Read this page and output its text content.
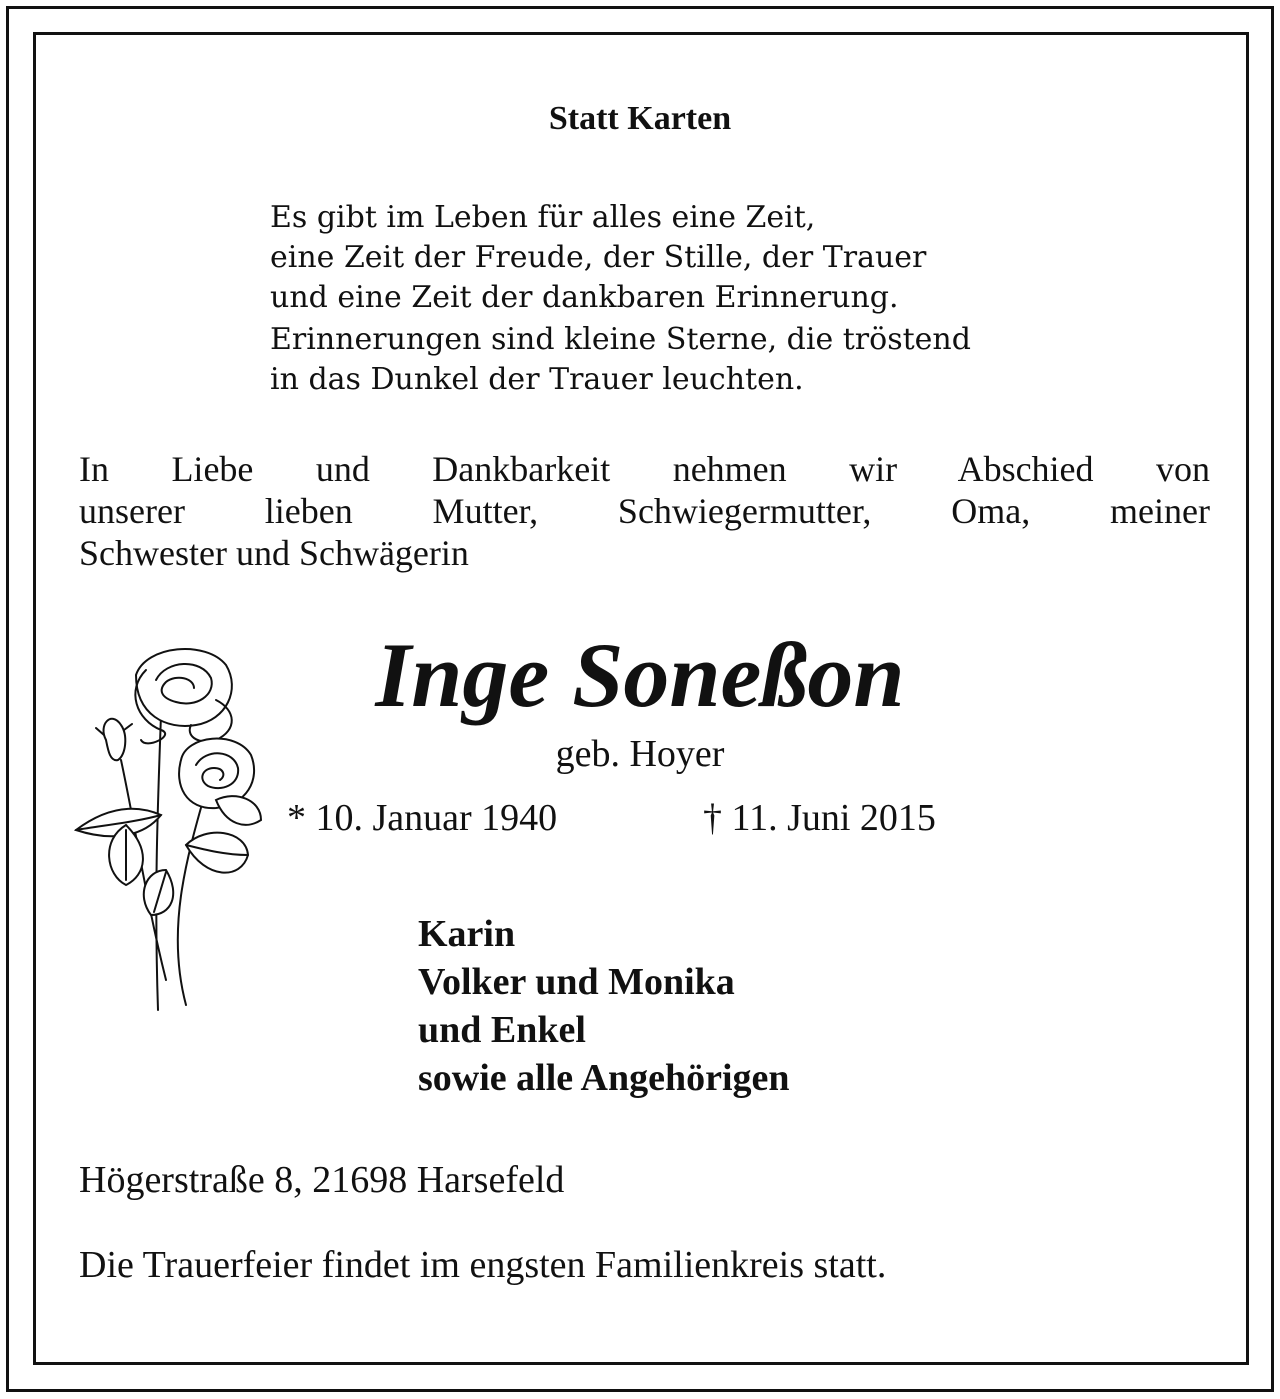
Statt Karten
Es gibt im Leben für alles eine Zeit,
eine Zeit der Freude, der Stille, der Trauer
und eine Zeit der dankbaren Erinnerung.
Erinnerungen sind kleine Sterne, die tröstend
in das Dunkel der Trauer leuchten.
In Liebe und Dankbarkeit nehmen wir Abschied von
unserer lieben Mutter, Schwiegermutter, Oma, meiner
Schwester und Schwägerin
Inge Soneßon
geb. Hoyer
* 10. Januar 1940	† 11. Juni 2015
Karin
Volker und Monika
und Enkel
sowie alle Angehörigen
Högerstraße 8, 21698 Harsefeld
Die Trauerfeier findet im engsten Familienkreis statt.
